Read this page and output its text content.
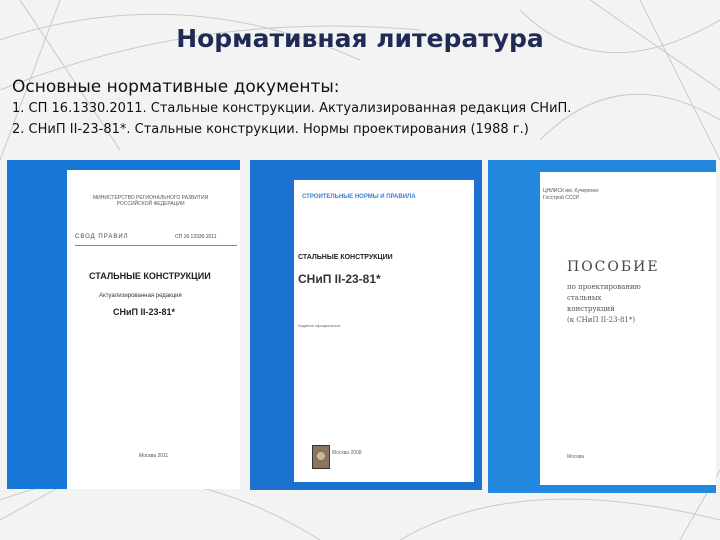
Нормативная литература
Основные нормативные документы:
1. СП 16.1330.2011. Стальные конструкции. Актуализированная редакция СНиП.
2. СНиП II-23-81*. Стальные конструкции. Нормы проектирования (1988 г.)
МИНИСТЕРСТВО РЕГИОНАЛЬНОГО РАЗВИТИЯ
РОССИЙСКОЙ ФЕДЕРАЦИИ
СВОД ПРАВИЛ	СП 16.13330.2011
СТАЛЬНЫЕ КОНСТРУКЦИИ
Актуализированная редакция
СНиП II-23-81*
Москва 2011
СТРОИТЕЛЬНЫЕ НОРМЫ И ПРАВИЛА
СТАЛЬНЫЕ КОНСТРУКЦИИ
СНиП II-23-81*
Издание официальное
Москва 2008
ЦНИИСК им. Кучеренко
Госстрой СССР
ПОСОБИЕ
по проектированию
стальных
конструкций
(к СНиП II-23-81*)
Москва
